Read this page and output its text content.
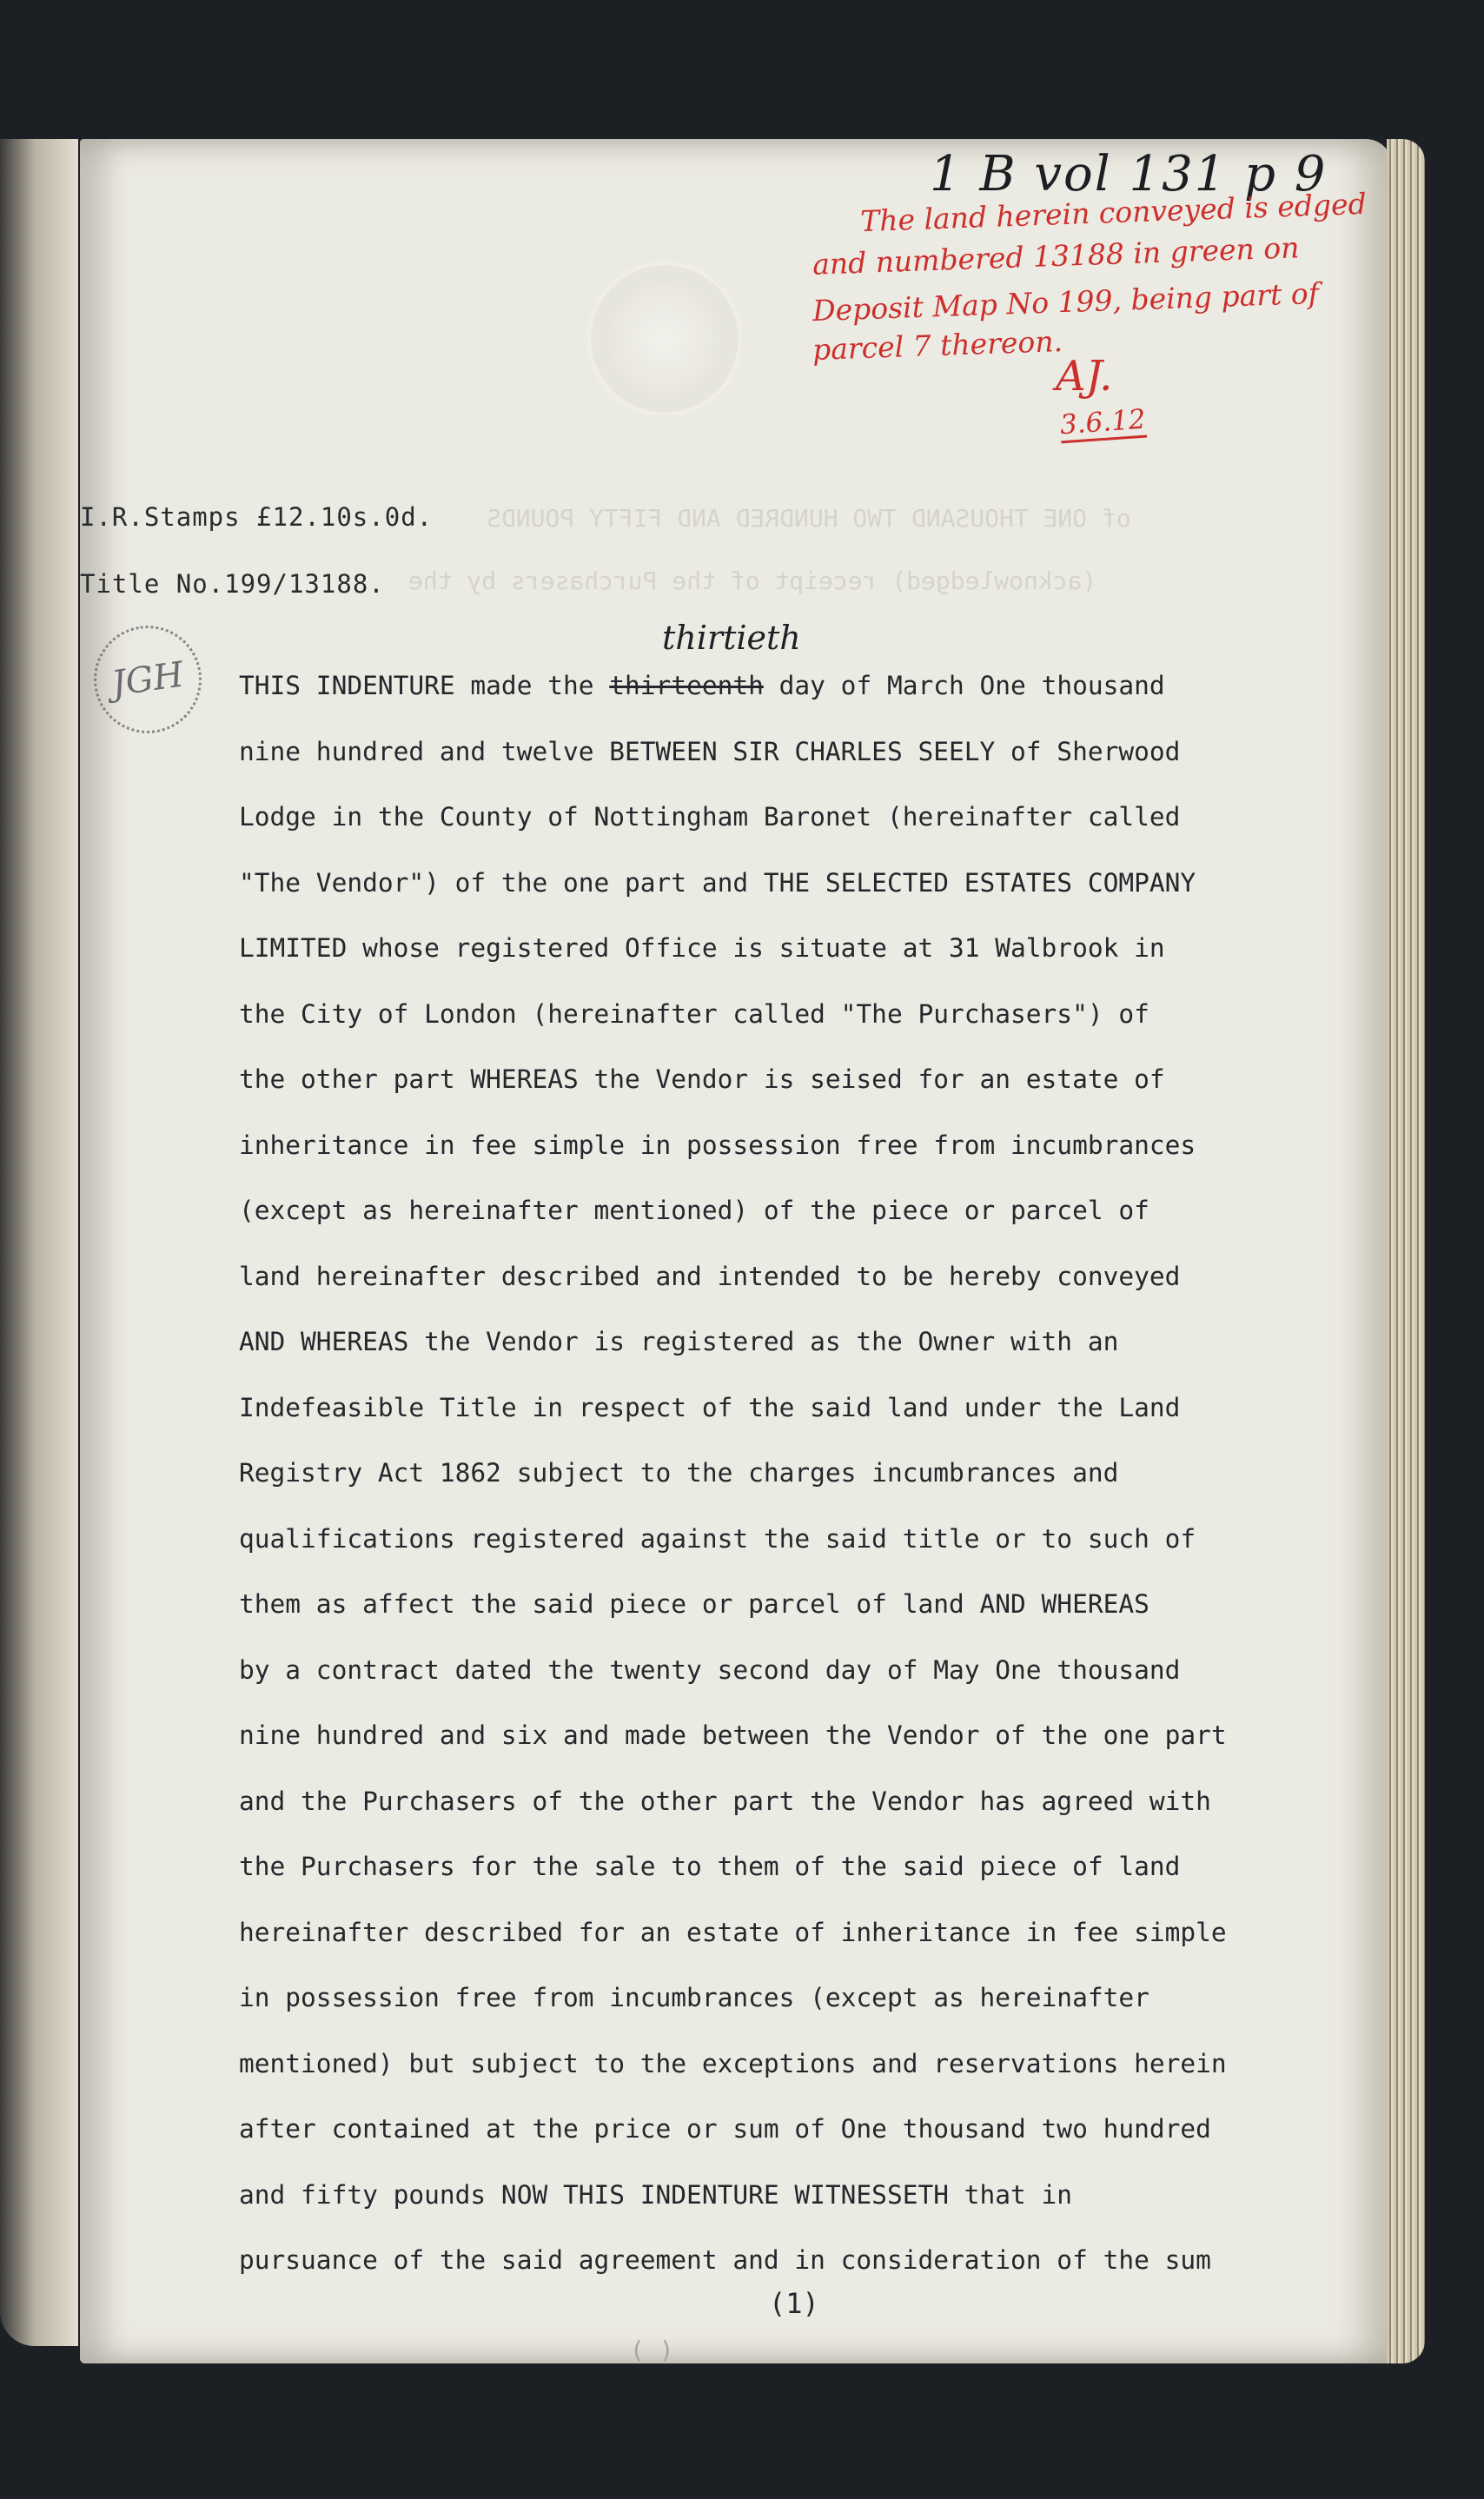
of ONE THOUSAND TWO HUNDRED AND FIFTY POUNDS
(acknowledged) receipt of the Purchasers by the
1 B vol 131 p 9
The land herein conveyed is edged
and numbered 13188 in green on
Deposit Map No 199, being part of
parcel 7 thereon.
AJ.
3.6.12
I.R.Stamps £12.10s.0d.
Title No.199/13188.
JGH
thirtieth
THIS INDENTURE made the thirteenth day of March One thousand
nine hundred and twelve BETWEEN SIR CHARLES SEELY of Sherwood
Lodge in the County of Nottingham Baronet (hereinafter called
"The Vendor") of the one part and THE SELECTED ESTATES COMPANY
LIMITED whose registered Office is situate at 31 Walbrook in
the City of London (hereinafter called "The Purchasers") of
the other part WHEREAS the Vendor is seised for an estate of
inheritance in fee simple in possession free from incumbrances
(except as hereinafter mentioned) of the piece or parcel of
land hereinafter described and intended to be hereby conveyed
AND WHEREAS the Vendor is registered as the Owner with an
Indefeasible Title in respect of the said land under the Land
Registry Act 1862 subject to the charges incumbrances and
qualifications registered against the said title or to such of
them as affect the said piece or parcel of land AND WHEREAS
by a contract dated the twenty second day of May One thousand
nine hundred and six and made between the Vendor of the one part
and the Purchasers of the other part the Vendor has agreed with
the Purchasers for the sale to them of the said piece of land
hereinafter described for an estate of inheritance in fee simple
in possession free from incumbrances (except as hereinafter
mentioned) but subject to the exceptions and reservations herein
after contained at the price or sum of One thousand two hundred
and fifty pounds NOW THIS INDENTURE WITNESSETH that in
pursuance of the said agreement and in consideration of the sum
(1)
( )
